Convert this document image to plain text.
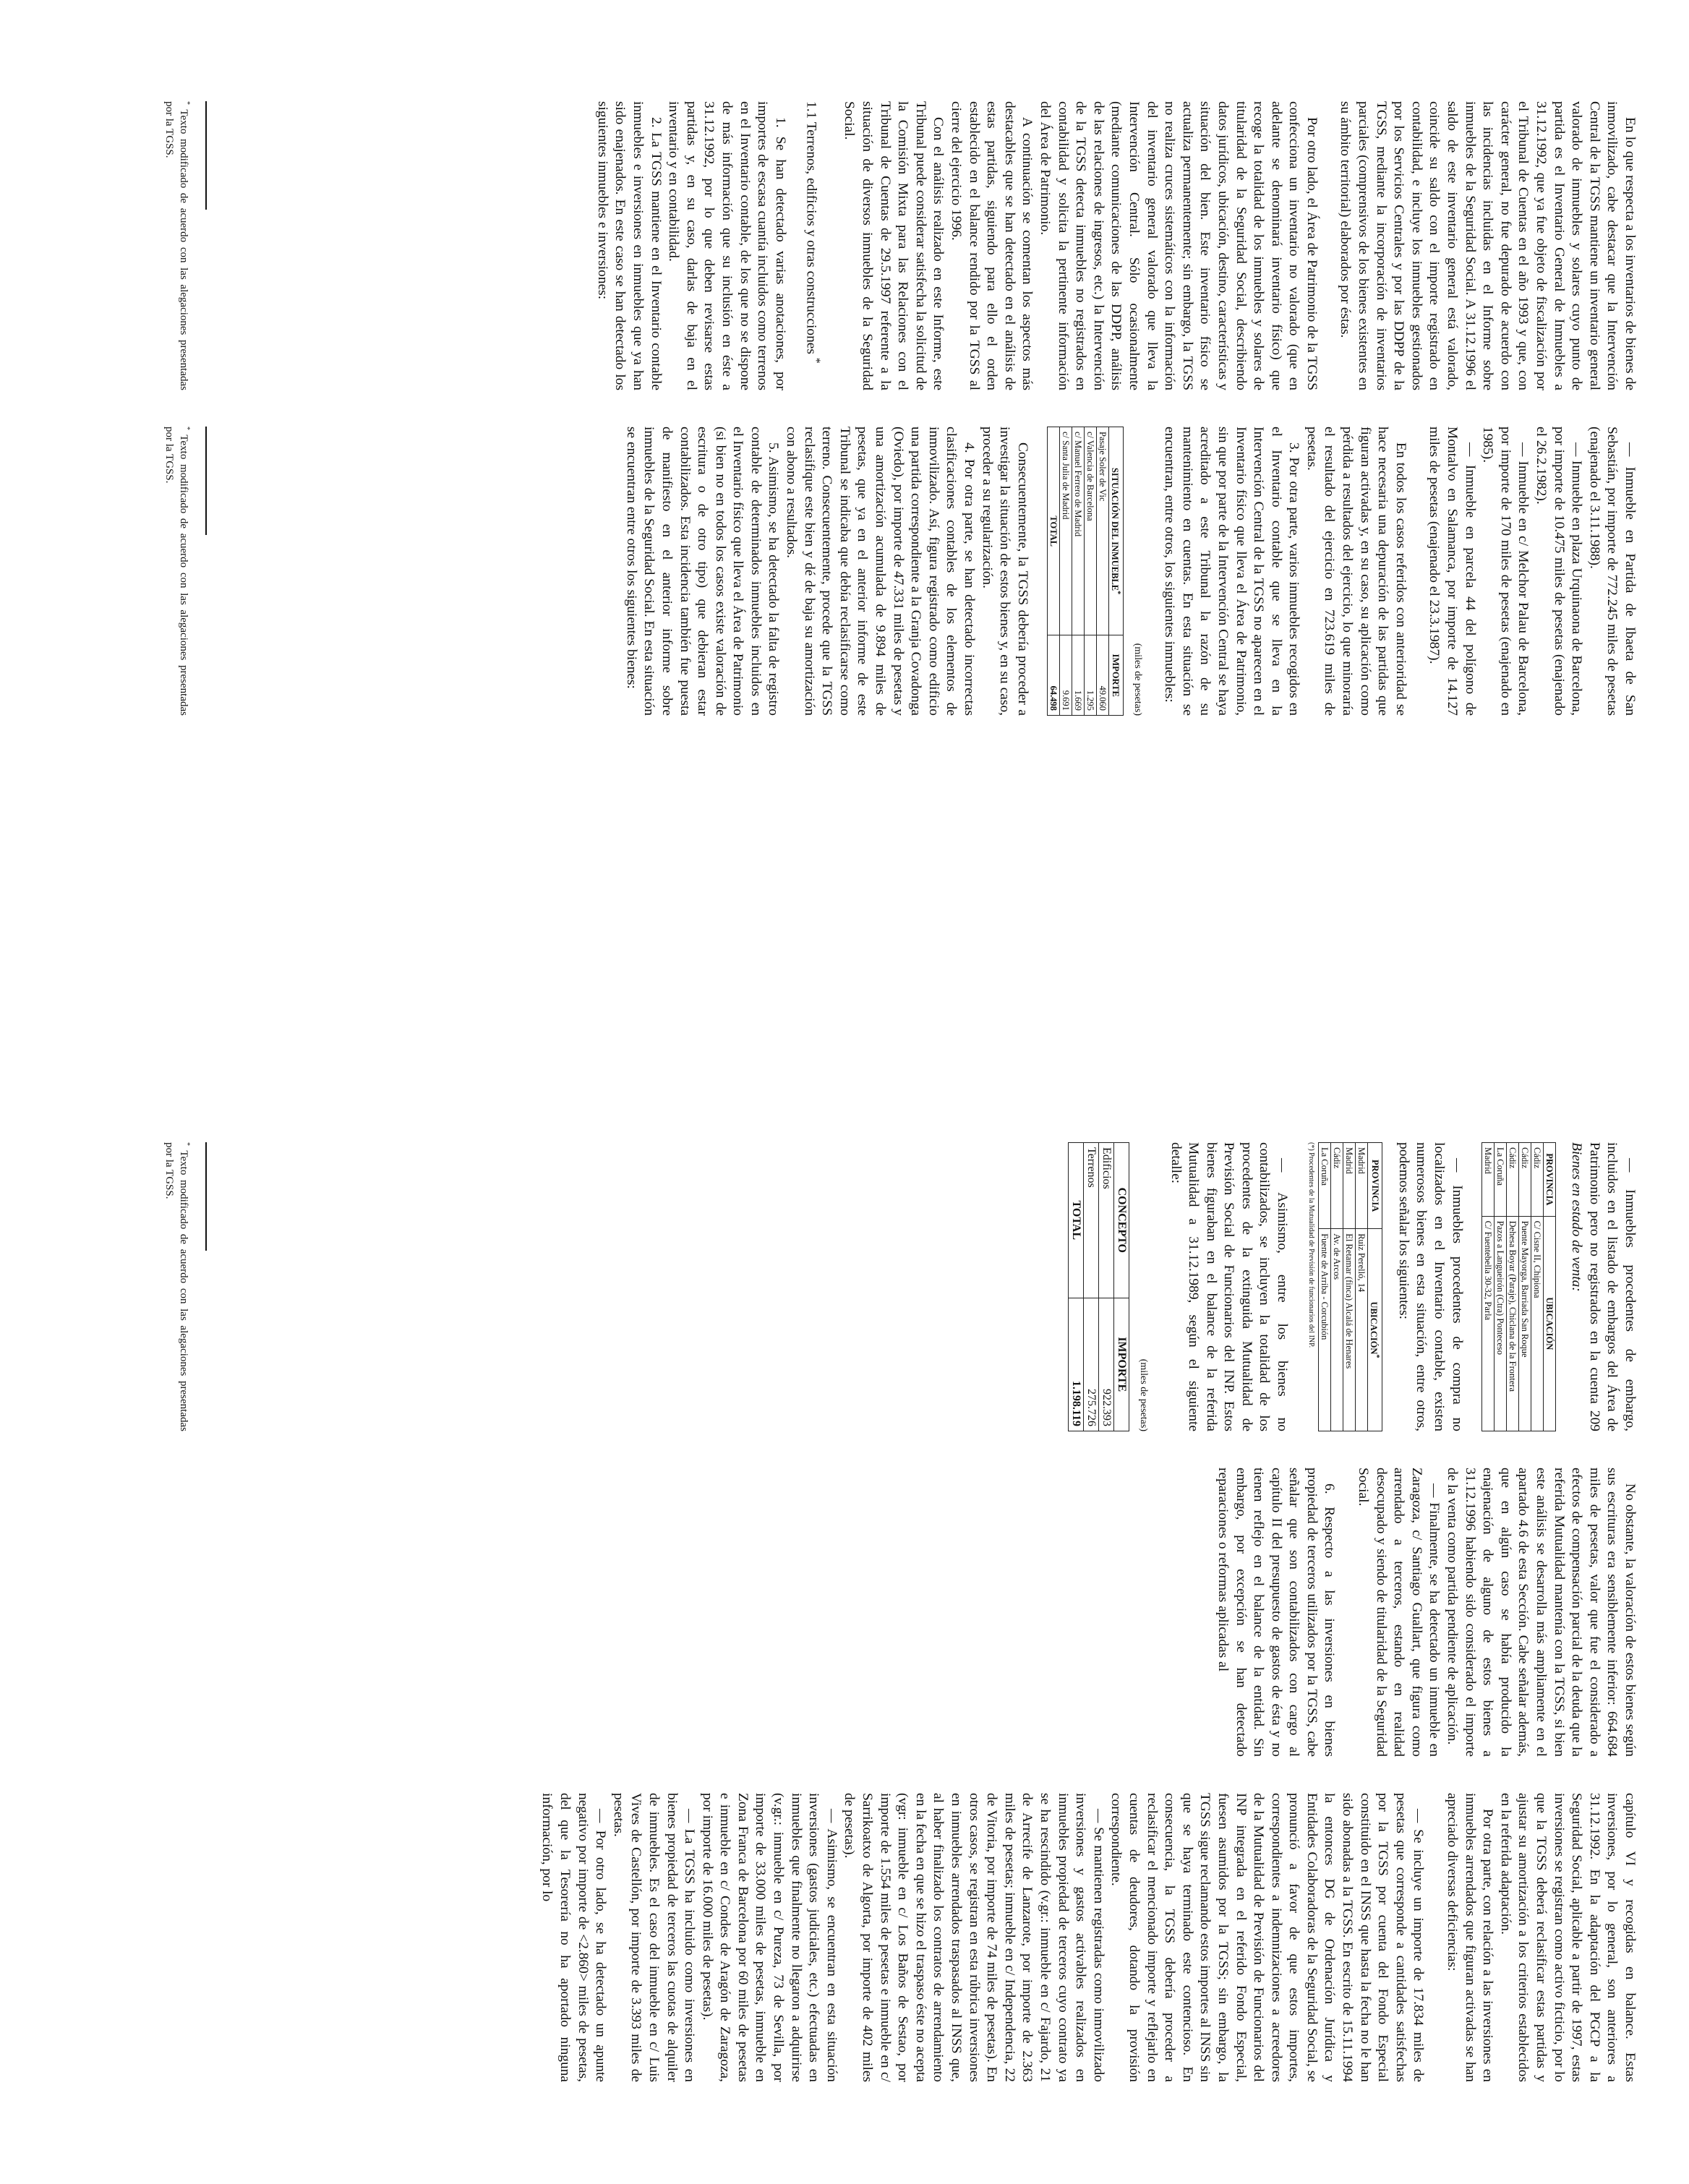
En lo que respecta a los inventarios de bienes de inmovilizado, cabe destacar que la Intervención Central de la TGSS mantiene un inventario general valorado de inmuebles y solares cuyo punto de partida es el Inventario General de Inmuebles a 31.12.1992, que ya fue objeto de fiscalización por el Tribunal de Cuentas en el año 1993 y que, con carácter general, no fue depurado de acuerdo con las incidencias incluidas en el Informe sobre inmuebles de la Seguridad Social. A 31.12.1996 el saldo de este inventario general está valorado, coincide su saldo con el importe registrado en contabilidad, e incluye los inmuebles gestionados por los Servicios Centrales y por las DDPP de la TGSS, mediante la incorporación de inventarios parciales (comprensivos de los bienes existentes en su ámbito territorial) elaborados por éstas.

Por otro lado, el Área de Patrimonio de la TGSS confecciona un inventario no valorado (que en adelante se denominará inventario físico) que recoge la totalidad de los inmuebles y solares de titularidad de la Seguridad Social, describiendo datos jurídicos, ubicación, destino, características y situación del bien. Este inventario físico se actualiza permanentemente; sin embargo, la TGSS no realiza cruces sistemáticos con la información del inventario general valorado que lleva la Intervención Central. Sólo ocasionalmente (mediante comunicaciones de las DDPP, análisis de las relaciones de ingresos, etc.) la Intervención de la TGSS detecta inmuebles no registrados en contabilidad y solicita la pertinente información del Área de Patrimonio.

A continuación se comentan los aspectos más destacables que se han detectado en el análisis de estas partidas, siguiendo para ello el orden establecido en el balance rendido por la TGSS al cierre del ejercicio 1996.

Con el análisis realizado en este Informe, este Tribunal puede considerar satisfecha la solicitud de la Comisión Mixta para las Relaciones con el Tribunal de Cuentas de 29.5.1997 referente a la situación de diversos inmuebles de la Seguridad Social.

1.1 Terrenos, edificios y otras construcciones *

1. Se han detectado varias anotaciones, por importes de escasa cuantía incluidos como terrenos en el Inventario contable, de los que no se dispone de más información que su inclusión en éste a 31.12.1992, por lo que deben revisarse estas partidas y, en su caso, darlas de baja en el inventario y en contabilidad.

2. La TGSS mantiene en el Inventario contable inmuebles e inversiones en inmuebles que ya han sido enajenados. En este caso se han detectado los siguientes inmuebles e inversiones:

— Inmueble en Partida de Ibaeta de San Sebastián, por importe de 772.245 miles de pesetas (enajenado el 3.11.1988).

— Inmueble en plaza Urquinaona de Barcelona, por importe de 10.475 miles de pesetas (enajenado el 26.2.1982).

— Inmueble en c/ Melchor Palau de Barcelona, por importe de 170 miles de pesetas (enajenado en 1985).

— Inmueble en parcela 44 del polígono de Montalvo en Salamanca, por importe de 14.127 miles de pesetas (enajenado el 23.3.1987).

En todos los casos referidos con anterioridad se hace necesaria una depuración de las partidas que figuran activadas y, en su caso, su aplicación como pérdida a resultados del ejercicio, lo que minoraría el resultado del ejercicio en 723.619 miles de pesetas.

3. Por otra parte, varios inmuebles recogidos en el Inventario contable que se lleva en la Intervención Central de la TGSS no aparecen en el Inventario físico que lleva el Área de Patrimonio, sin que por parte de la Intervención Central se haya acreditado a este Tribunal la razón de su mantenimiento en cuentas. En esta situación se encuentran, entre otros, los siguientes inmuebles:

(miles de pesetas)
SITUACIÓN DEL INMUEBLE*	IMPORTE
Pasaje Soler de Vic	49.060
c/ Valencia de Barcelona	1.295
c/ Manuel Ferrero de Madrid	1.669
c/ Santa Julia de Madrid	9.691
TOTAL	64.498

Consecuentemente, la TGSS debería proceder a investigar la situación de estos bienes y, en su caso, proceder a su regularización.

4. Por otra parte, se han detectado incorrectas clasificaciones contables de los elementos de inmovilizado. Así, figura registrado como edificio una partida correspondiente a la Granja Covadonga (Oviedo), por importe de 47.331 miles de pesetas y una amortización acumulada de 9.894 miles de pesetas, que ya en el anterior informe de este Tribunal se indicaba que debía reclasificarse como terreno. Consecuentemente, procede que la TGSS reclasifique este bien y dé de baja su amortización con abono a resultados.

5. Asimismo, se ha detectado la falta de registro contable de determinados inmuebles incluidos en el Inventario físico que lleva el Área de Patrimonio (si bien no en todos los casos existe valoración de escritura o de otro tipo) que debieran estar contabilizados. Esta incidencia también fue puesta de manifiesto en el anterior informe sobre inmuebles de la Seguridad Social. En esta situación se encuentran entre otros los siguientes bienes:

* Texto modificado de acuerdo con las alegaciones presentadas por la TGSS.
* Texto modificado de acuerdo con las alegaciones presentadas por la TGSS.

— Inmuebles procedentes de embargo, incluidos en el listado de embargos del Área de Patrimonio pero no registrados en la cuenta 209 Bienes en estado de venta:

PROVINCIA	UBICACIÓN
Cádiz	C/ Cisne II, Chipiona
Cádiz	Puente Mayorga, Barriada San Roque
Cádiz	Dehesa Boyar (Paraje), Chiclana de la Frontera
La Coruña	Pazos a Langueirón (Ctra) Ponteceso
Madrid	C/ Fuentebella 30-32, Parla

— Inmuebles procedentes de compra no localizados en el Inventario contable, existen numerosos bienes en esta situación, entre otros, podemos señalar los siguientes:

PROVINCIA	UBICACIÓN*
Madrid	Ruiz Perelló, 14
Madrid	El Retamar (finca) Alcalá de Henares
Cádiz	Av. de Arcos
La Coruña	Fuente de Arriba - Corcubión
(*) Procedentes de la Mutualidad de Previsión de funcionarios del INP.

— Asimismo, entre los bienes no contabilizados, se incluyen la totalidad de los procedentes de la extinguida Mutualidad de Previsión Social de Funcionarios del INP. Estos bienes figuraban en el balance de la referida Mutualidad a 31.12.1989, según el siguiente detalle:

(miles de pesetas)
CONCEPTO	IMPORTE
Edificios	922.393
Terrenos	275.726
TOTAL	1.198.119

No obstante, la valoración de estos bienes según sus escrituras era sensiblemente inferior: 664.684 miles de pesetas, valor que fue el considerado a efectos de compensación parcial de la deuda que la referida Mutualidad mantenía con la TGSS, si bien este análisis se desarrolla más ampliamente en el apartado 4.6 de esta Sección. Cabe señalar además, que en algún caso se había producido la enajenación de alguno de estos bienes a 31.12.1996 habiendo sido considerado el importe de la venta como partida pendiente de aplicación.

— Finalmente, se ha detectado un inmueble en Zaragoza, c/ Santiago Guallart, que figura como arrendado a terceros, estando en realidad desocupado y siendo de titularidad de la Seguridad Social.

6. Respecto a las inversiones en bienes propiedad de terceros utilizados por la TGSS, cabe señalar que son contabilizados con cargo al capítulo II del presupuesto de gastos de ésta y no tienen reflejo en el balance de la entidad. Sin embargo, por excepción se han detectado reparaciones o reformas aplicadas al

capítulo VI y recogidas en balance. Estas inversiones, por lo general, son anteriores a 31.12.1992. En la adaptación del PGCP a la Seguridad Social, aplicable a partir de 1997, estas inversiones se registran como activo ficticio, por lo que la TGSS deberá reclasificar estas partidas y ajustar su amortización a los criterios establecidos en la referida adaptación.

Por otra parte, con relación a las inversiones en inmuebles arrendados que figuran activadas se han apreciado diversas deficiencias:

— Se incluye un importe de 17.834 miles de pesetas que corresponde a cantidades satisfechas por la TGSS por cuenta del Fondo Especial constituido en el INSS que hasta la fecha no le han sido abonadas a la TGSS. En escrito de 15.11.1994 la entonces DG de Ordenación Jurídica y Entidades Colaboradoras de la Seguridad Social, se pronunció a favor de que estos importes, correspondientes a indemnizaciones a acreedores de la Mutualidad de Previsión de Funcionarios del INP integrada en el referido Fondo Especial, fuesen asumidos por la TGSS; sin embargo, la TGSS sigue reclamando estos importes al INSS sin que se haya terminado este contencioso. En consecuencia, la TGSS debería proceder a reclasificar el mencionado importe y reflejarlo en cuentas de deudores, dotando la provisión correspondiente.

— Se mantienen registradas como inmovilizado inversiones y gastos activables realizados en inmuebles propiedad de terceros cuyo contrato ya se ha rescindido (v.gr.: inmueble en c/ Fajardo, 21 de Arrecife de Lanzarote, por importe de 2.363 miles de pesetas; inmueble en c/ Independencia, 22 de Vitoria, por importe de 74 miles de pesetas). En otros casos, se registran en esta rúbrica inversiones en inmuebles arrendados traspasados al INSS que, al haber finalizado los contratos de arrendamiento en la fecha en que se hizo el traspaso éste no acepta (vgr: inmueble en c/ Los Baños de Sestao, por importe de 1.554 miles de pesetas e inmueble en c/ Sarrikoatxo de Algorta, por importe de 402 miles de pesetas).

— Asimismo, se encuentran en esta situación inversiones (gastos judiciales, etc.) efectuadas en inmuebles que finalmente no llegaron a adquirirse (v.gr.: inmueble en c/ Pureza, 73 de Sevilla, por importe de 33.000 miles de pesetas, inmueble en Zona Franca de Barcelona por 60 miles de pesetas e inmueble en c/ Condes de Aragón de Zaragoza, por importe de 16.000 miles de pesetas).

— La TGSS ha incluido como inversiones en bienes propiedad de terceros las cuotas de alquiler de inmuebles. Es el caso del inmueble en c/ Luis Vives de Castellón, por importe de 3.393 miles de pesetas.

— Por otro lado, se ha detectado un apunte negativo por importe de <2.860> miles de pesetas, del que la Tesorería no ha aportado ninguna información, por lo

* Texto modificado de acuerdo con las alegaciones presentadas por la TGSS.
